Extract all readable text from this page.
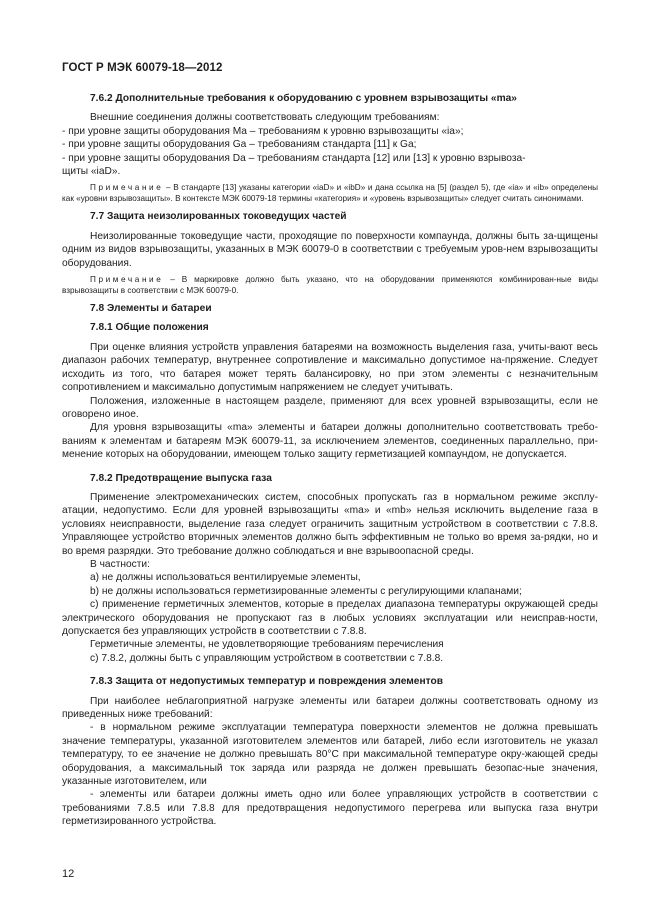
ГОСТ Р МЭК 60079-18—2012

7.6.2 Дополнительные требования к оборудованию с уровнем взрывозащиты «ma»

Внешние соединения должны соответствовать следующим требованиям:

- при уровне защиты оборудования Ma – требованиям к уровню взрывозащиты «ia»;

- при уровне защиты оборудования Ga – требованиям стандарта [11] к Ga;

- при уровне защиты оборудования Da – требованиям стандарта [12] или [13] к уровню взрывоза-

щиты «iaD».

Примечание – В стандарте [13] указаны категории «iaD» и «ibD» и дана ссылка на [5] (раздел 5), где «ia» и «ib» определены как «уровни взрывозащиты». В контексте МЭК 60079-18 термины «категория» и «уровень взрывозащиты» следует считать синонимами.

7.7 Защита неизолированных токоведущих частей

Неизолированные токоведущие части, проходящие по поверхности компаунда, должны быть за-щищены одним из видов взрывозащиты, указанных в МЭК 60079-0 в соответствии с требуемым уров-нем взрывозащиты оборудования.

Примечание – В маркировке должно быть указано, что на оборудовании применяются комбинирован-ные виды взрывозащиты в соответствии с МЭК 60079-0.

7.8 Элементы и батареи

7.8.1 Общие положения

При оценке влияния устройств управления батареями на возможность выделения газа, учиты-вают весь диапазон рабочих температур, внутреннее сопротивление и максимально допустимое на-пряжение. Следует исходить из того, что батарея может терять балансировку, но при этом элементы с незначительным сопротивлением и максимально допустимым напряжением не следует учитывать.

Положения, изложенные в настоящем разделе, применяют для всех уровней взрывозащиты, если не оговорено иное.

Для уровня взрывозащиты «ma» элементы и батареи должны дополнительно соответствовать требо-ваниям к элементам и батареям МЭК 60079-11, за исключением элементов, соединенных параллельно, при-менение которых на оборудовании, имеющем только защиту герметизацией компаундом, не допускается.

7.8.2 Предотвращение выпуска газа

Применение электромеханических систем, способных пропускать газ в нормальном режиме эксплу-атации, недопустимо. Если для уровней взрывозащиты «ma» и «mb» нельзя исключить выделение газа в условиях неисправности, выделение газа следует ограничить защитным устройством в соответствии с 7.8.8. Управляющее устройство вторичных элементов должно быть эффективным не только во время за-рядки, но и во время разрядки. Это требование должно соблюдаться и вне взрывоопасной среды.

В частности:

a) не должны использоваться вентилируемые элементы,

b) не должны использоваться герметизированные элементы с регулирующими клапанами;

c) применение герметичных элементов, которые в пределах диапазона температуры окружающей среды электрического оборудования не пропускают газ в любых условиях эксплуатации или неисправ-ности, допускается без управляющих устройств в соответствии с 7.8.8.

Герметичные элементы, не удовлетворяющие требованиям перечисления

c) 7.8.2, должны быть с управляющим устройством в соответствии с 7.8.8.

7.8.3 Защита от недопустимых температур и повреждения элементов

При наиболее неблагоприятной нагрузке элементы или батареи должны соответствовать одному из приведенных ниже требований:

- в нормальном режиме эксплуатации температура поверхности элементов не должна превышать значение температуры, указанной изготовителем элементов или батарей, либо если изготовитель не указал температуру, то ее значение не должно превышать 80°С при максимальной температуре окру-жающей среды оборудования, а максимальный ток заряда или разряда не должен превышать безопас-ные значения, указанные изготовителем, или

- элементы или батареи должны иметь одно или более управляющих устройств в соответствии с требованиями 7.8.5 или 7.8.8 для предотвращения недопустимого перегрева или выпуска газа внутри герметизированного устройства.

12
